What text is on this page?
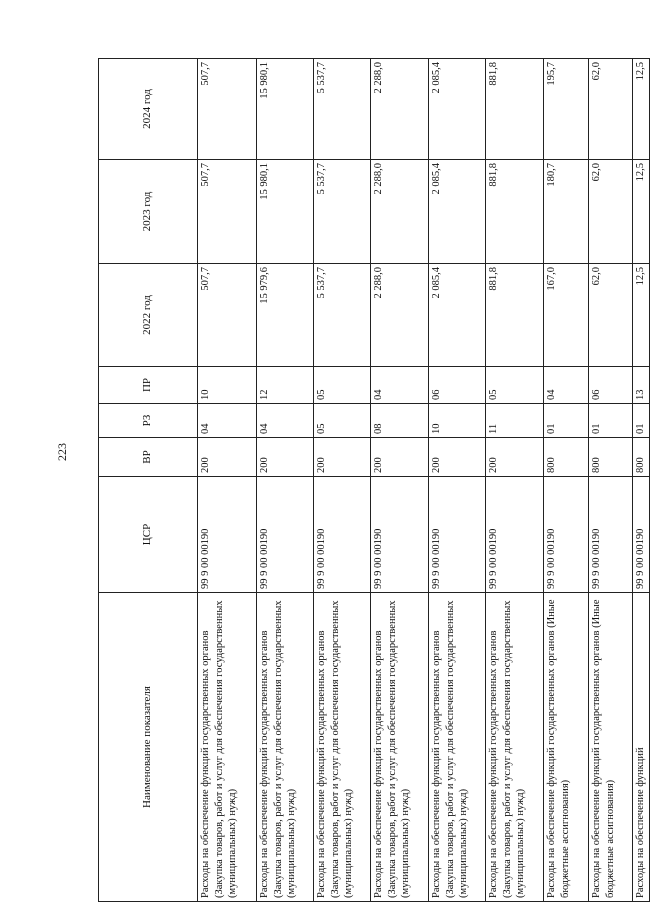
223
Наименование показателя	ЦСР	ВР	РЗ	ПР	2022 год	2023 год	2024 год
Расходы на обеспечение функций государственных органов (Закупка товаров, работ и услуг для обеспечения государственных (муниципальных) нужд)	99 9 00 00190	200	04	10	507,7	507,7	507,7
Расходы на обеспечение функций государственных органов (Закупка товаров, работ и услуг для обеспечения государственных (муниципальных) нужд)	99 9 00 00190	200	04	12	15 979,6	15 980,1	15 980,1
Расходы на обеспечение функций государственных органов (Закупка товаров, работ и услуг для обеспечения государственных (муниципальных) нужд)	99 9 00 00190	200	05	05	5 537,7	5 537,7	5 537,7
Расходы на обеспечение функций государственных органов (Закупка товаров, работ и услуг для обеспечения государственных (муниципальных) нужд)	99 9 00 00190	200	08	04	2 288,0	2 288,0	2 288,0
Расходы на обеспечение функций государственных органов (Закупка товаров, работ и услуг для обеспечения государственных (муниципальных) нужд)	99 9 00 00190	200	10	06	2 085,4	2 085,4	2 085,4
Расходы на обеспечение функций государственных органов (Закупка товаров, работ и услуг для обеспечения государственных (муниципальных) нужд)	99 9 00 00190	200	11	05	881,8	881,8	881,8
Расходы на обеспечение функций государственных органов (Иные бюджетные ассигнования)	99 9 00 00190	800	01	04	167,0	180,7	195,7
Расходы на обеспечение функций государственных органов (Иные бюджетные ассигнования)	99 9 00 00190	800	01	06	62,0	62,0	62,0
Расходы на обеспечение функций	99 9 00 00190	800	01	13	12,5	12,5	12,5
